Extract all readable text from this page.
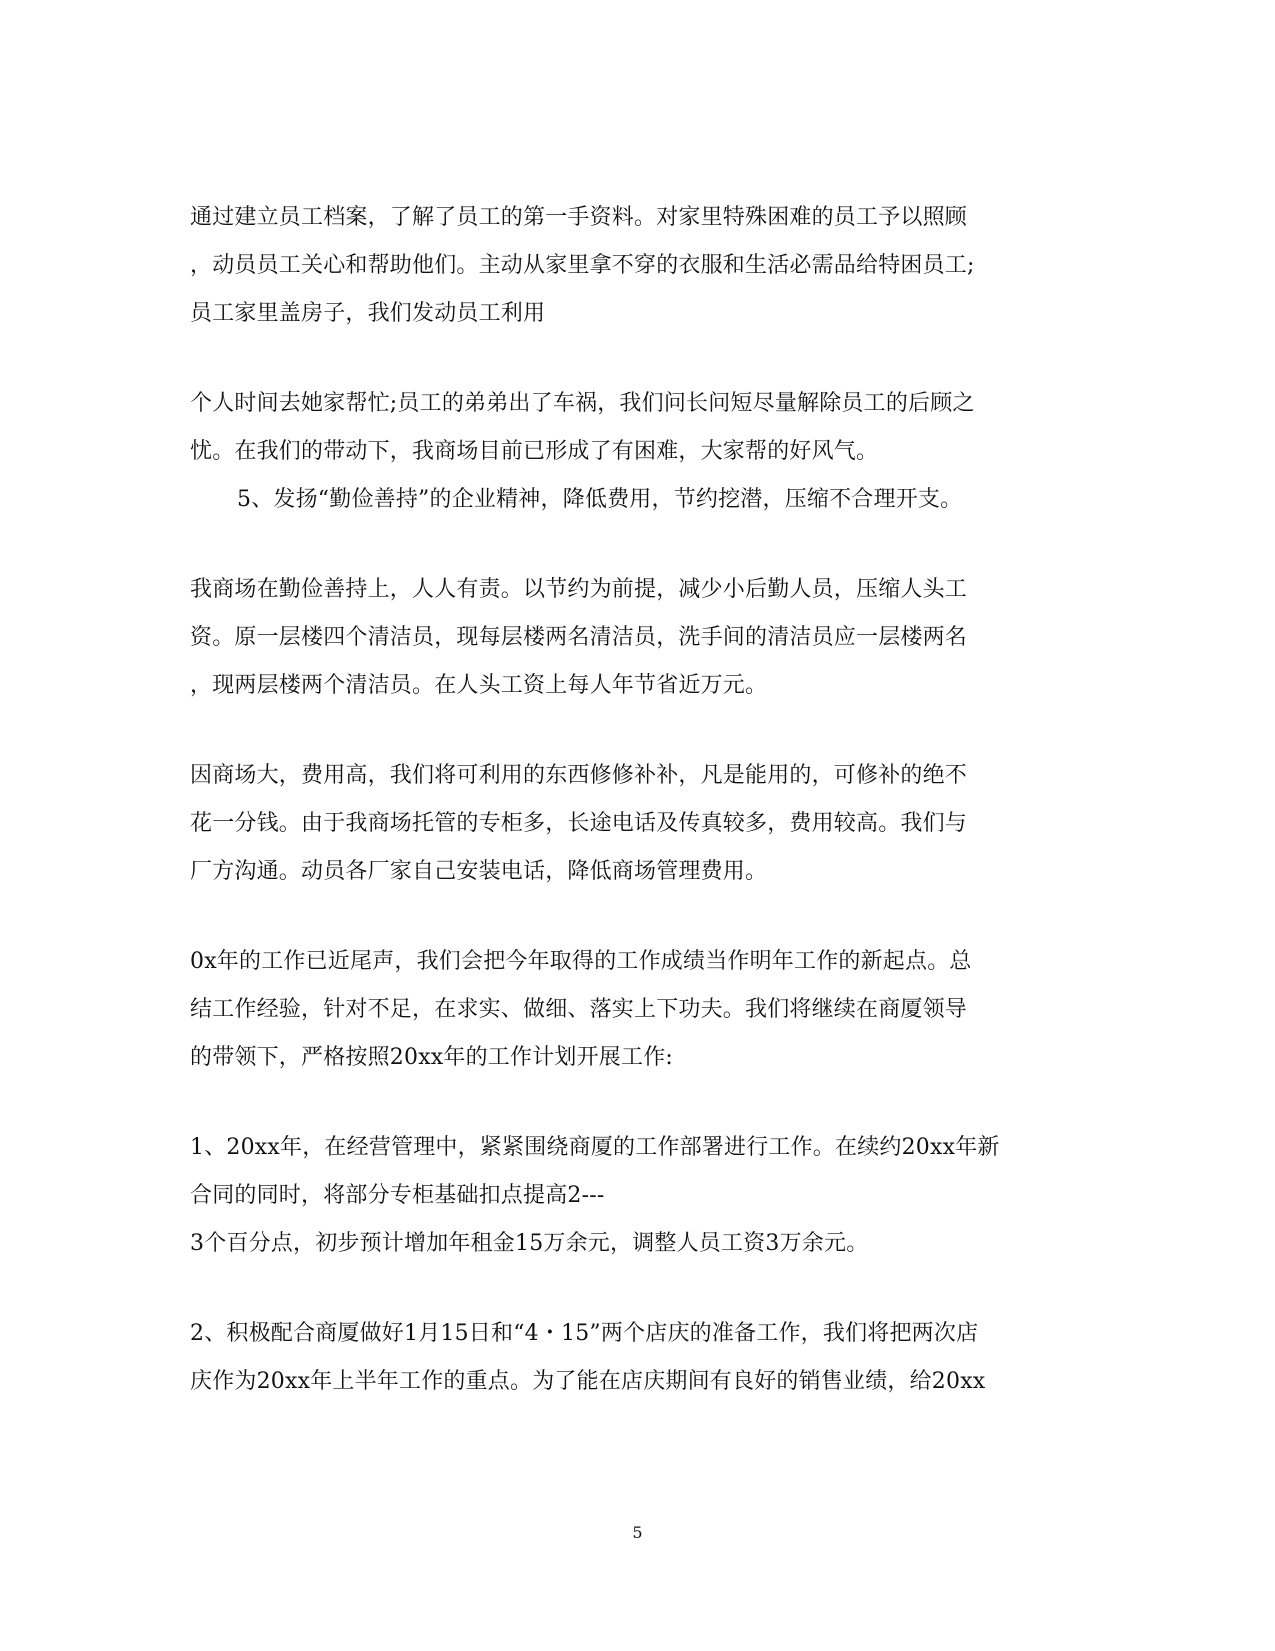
通过建立员工档案，了解了员工的第一手资料。对家里特殊困难的员工予以照顾
，动员员工关心和帮助他们。主动从家里拿不穿的衣服和生活必需品给特困员工;
员工家里盖房子，我们发动员工利用
个人时间去她家帮忙;员工的弟弟出了车祸，我们问长问短尽量解除员工的后顾之
忧。在我们的带动下，我商场目前已形成了有困难，大家帮的好风气。
5、发扬“勤俭善持”的企业精神，降低费用，节约挖潜，压缩不合理开支。
我商场在勤俭善持上，人人有责。以节约为前提，减少小后勤人员，压缩人头工
资。原一层楼四个清洁员，现每层楼两名清洁员，洗手间的清洁员应一层楼两名
，现两层楼两个清洁员。在人头工资上每人年节省近万元。
因商场大，费用高，我们将可利用的东西修修补补，凡是能用的，可修补的绝不
花一分钱。由于我商场托管的专柜多，长途电话及传真较多，费用较高。我们与
厂方沟通。动员各厂家自己安装电话，降低商场管理费用。
0x年的工作已近尾声，我们会把今年取得的工作成绩当作明年工作的新起点。总
结工作经验，针对不足，在求实、做细、落实上下功夫。我们将继续在商厦领导
的带领下，严格按照20xx年的工作计划开展工作:
1、20xx年，在经营管理中，紧紧围绕商厦的工作部署进行工作。在续约20xx年新
合同的同时，将部分专柜基础扣点提高2---
3个百分点，初步预计增加年租金15万余元，调整人员工资3万余元。
2、积极配合商厦做好1月15日和“4・15”两个店庆的准备工作，我们将把两次店
庆作为20xx年上半年工作的重点。为了能在店庆期间有良好的销售业绩，给20xx
5
